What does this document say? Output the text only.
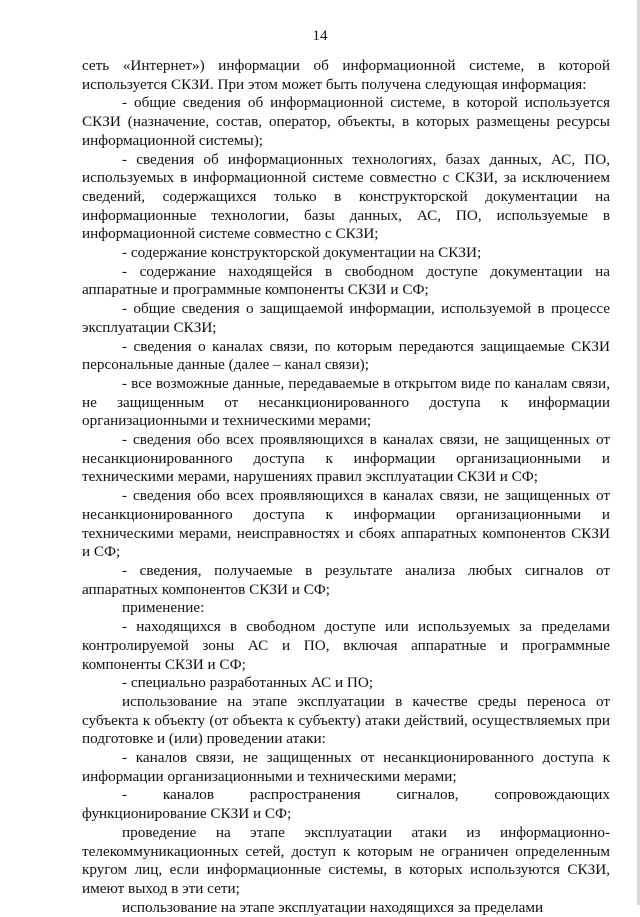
14

сеть «Интернет») информации об информационной системе, в которой используется СКЗИ. При этом может быть получена следующая информация:

- общие сведения об информационной системе, в которой используется СКЗИ (назначение, состав, оператор, объекты, в которых размещены ресурсы информационной системы);

- сведения об информационных технологиях, базах данных, АС, ПО, используемых в информационной системе совместно с СКЗИ, за исключением сведений, содержащихся только в конструкторской документации на информационные технологии, базы данных, АС, ПО, используемые в информационной системе совместно с СКЗИ;

- содержание конструкторской документации на СКЗИ;

- содержание находящейся в свободном доступе документации на аппаратные и программные компоненты СКЗИ и СФ;

- общие сведения о защищаемой информации, используемой в процессе эксплуатации СКЗИ;

- сведения о каналах связи, по которым передаются защищаемые СКЗИ персональные данные (далее – канал связи);

- все возможные данные, передаваемые в открытом виде по каналам связи, не защищенным от несанкционированного доступа к информации организационными и техническими мерами;

- сведения обо всех проявляющихся в каналах связи, не защищенных от несанкционированного доступа к информации организационными и техническими мерами, нарушениях правил эксплуатации СКЗИ и СФ;

- сведения обо всех проявляющихся в каналах связи, не защищенных от несанкционированного доступа к информации организационными и техническими мерами, неисправностях и сбоях аппаратных компонентов СКЗИ и СФ;

- сведения, получаемые в результате анализа любых сигналов от аппаратных компонентов СКЗИ и СФ;

применение:

- находящихся в свободном доступе или используемых за пределами контролируемой зоны АС и ПО, включая аппаратные и программные компоненты СКЗИ и СФ;

- специально разработанных АС и ПО;

использование на этапе эксплуатации в качестве среды переноса от субъекта к объекту (от объекта к субъекту) атаки действий, осуществляемых при подготовке и (или) проведении атаки:

- каналов связи, не защищенных от несанкционированного доступа к информации организационными и техническими мерами;

- каналов распространения сигналов, сопровождающих функционирование СКЗИ и СФ;

проведение на этапе эксплуатации атаки из информационно-телекоммуникационных сетей, доступ к которым не ограничен определенным кругом лиц, если информационные системы, в которых используются СКЗИ, имеют выход в эти сети;

использование на этапе эксплуатации находящихся за пределами
